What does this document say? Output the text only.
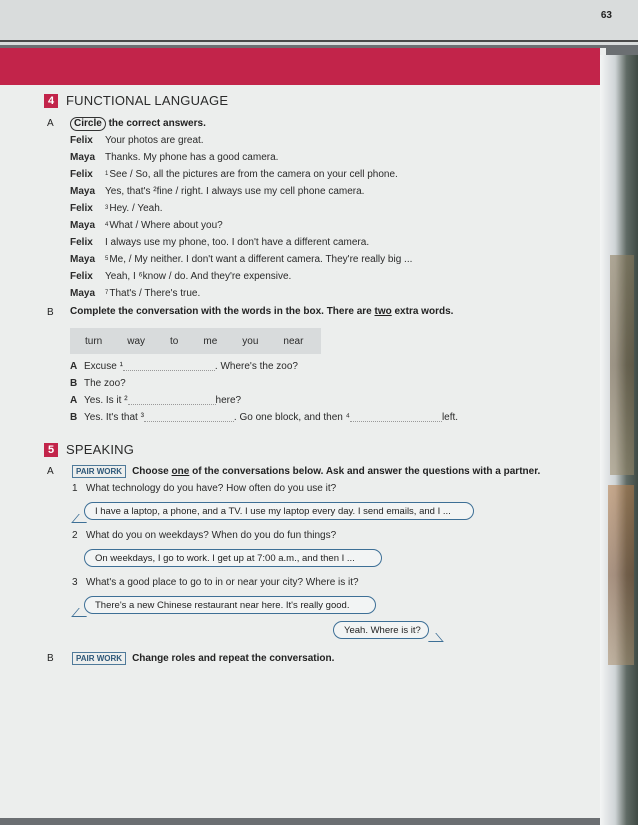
63
4 FUNCTIONAL LANGUAGE
A	Circle the correct answers.
Felix	Your photos are great.
Maya Thanks. My phone has a good camera.
Felix	1 See / So, all the pictures are from the camera on your cell phone.
Maya Yes, that's ²fine / right. I always use my cell phone camera.
Felix	3 Hey. / Yeah.
Maya	4 What / Where about you?
Felix	I always use my phone, too. I don't have a different camera.
Maya	5 Me, / My neither. I don't want a different camera. They're really big ...
Felix	Yeah, I ⁶know / do. And they're expensive.
Maya	7 That's / There's true.
B Complete the conversation with the words in the box. There are two extra words.
turn	way	to	me	you	near
A Excuse ¹	. Where's the zoo?
B The zoo?
A Yes. Is it ²	here?
B Yes. It's that ³	. Go one block, and then ⁴	left.
5 SPEAKING
A	PAIR WORK Choose one of the conversations below. Ask and answer the questions with a partner.
1 What technology do you have? How often do you use it?
I have a laptop, a phone, and a TV. I use my laptop every day. I send emails, and I ...
2 What do you on weekdays? When do you do fun things?
On weekdays, I go to work. I get up at 7:00 a.m., and then I ...
3 What's a good place to go to in or near your city? Where is it?
There's a new Chinese restaurant near here. It's really good.
Yeah. Where is it?
B	PAIR WORK Change roles and repeat the conversation.
